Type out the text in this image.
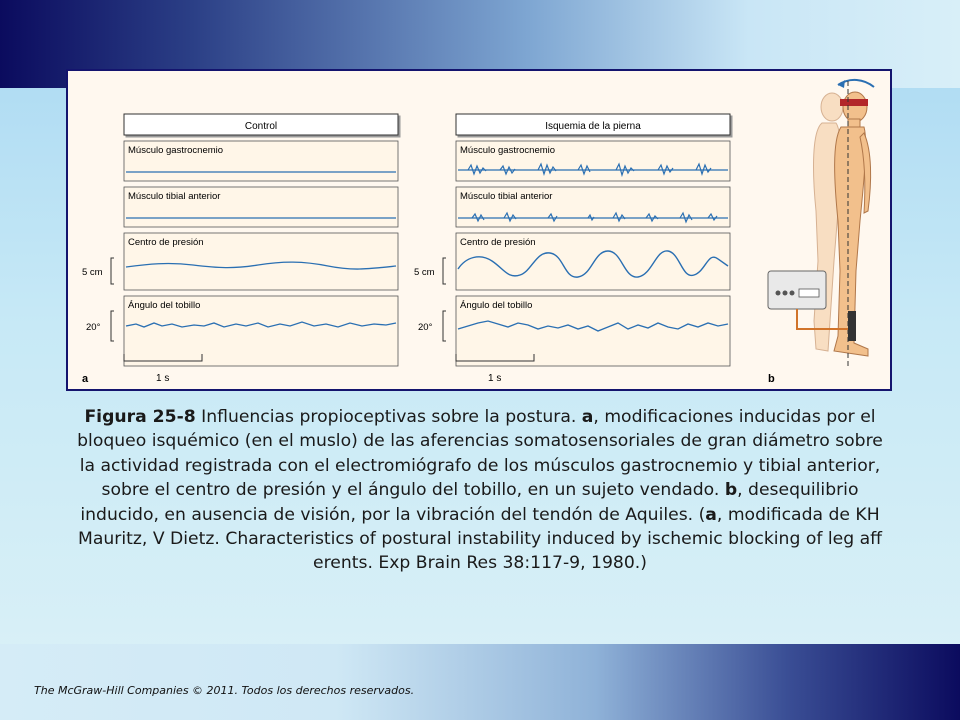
Control
Músculo gastrocnemio
Músculo tibial anterior
Centro de presión
5 cm
Ángulo del tobillo
20°
1 s
Isquemia de la pierna
Músculo gastrocnemio
Músculo tibial anterior
Centro de presión
5 cm
Ángulo del tobillo
20°
1 s
a	b
Figura 25-8 Influencias propioceptivas sobre la postura. a, modificaciones inducidas por el bloqueo isquémico (en el muslo) de las aferencias somatosensoriales de gran diámetro sobre la actividad registrada con el electromiógrafo de los músculos gastrocnemio y tibial anterior, sobre el centro de presión y el ángulo del tobillo, en un sujeto vendado. b, desequilibrio inducido, en ausencia de visión, por la vibración del tendón de Aquiles. (a, modificada de KH Mauritz, V Dietz. Characteristics of postural instability induced by ischemic blocking of leg aff erents. Exp Brain Res 38:117-9, 1980.)
The McGraw-Hill Companies © 2011. Todos los derechos reservados.
